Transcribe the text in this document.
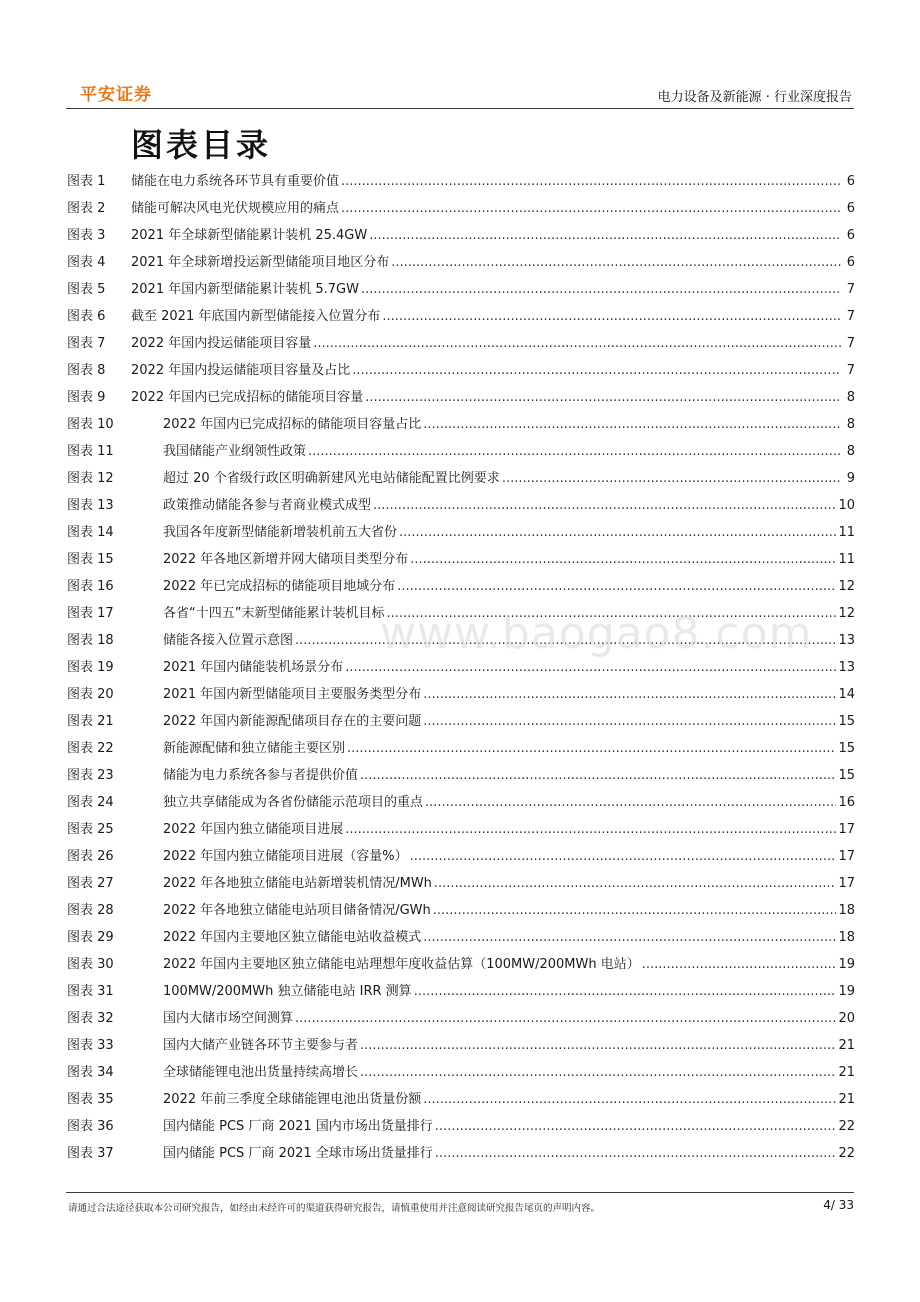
平安证券	电力设备及新能源 · 行业深度报告
图表目录
图表 1	储能在电力系统各环节具有重要价值 .....	6
图表 2	储能可解决风电光伏规模应用的痛点 .....	6
图表 3	2021 年全球新型储能累计装机 25.4GW .....	6
图表 4	2021 年全球新增投运新型储能项目地区分布 .....	6
图表 5	2021 年国内新型储能累计装机 5.7GW .....	7
图表 6	截至 2021 年底国内新型储能接入位置分布 .....	7
图表 7	2022 年国内投运储能项目容量 .....	7
图表 8	2022 年国内投运储能项目容量及占比 .....	7
图表 9	2022 年国内已完成招标的储能项目容量 .....	8
图表 10	2022 年国内已完成招标的储能项目容量占比 .....	8
图表 11	我国储能产业纲领性政策 .....	8
图表 12	超过 20 个省级行政区明确新建风光电站储能配置比例要求 .....	9
图表 13	政策推动储能各参与者商业模式成型 .....	10
图表 14	我国各年度新型储能新增装机前五大省份 .....	11
图表 15	2022 年各地区新增并网大储项目类型分布 .....	11
图表 16	2022 年已完成招标的储能项目地域分布 .....	12
图表 17	各省“十四五”末新型储能累计装机目标 .....	12
图表 18	储能各接入位置示意图 .....	13
图表 19	2021 年国内储能装机场景分布 .....	13
图表 20	2021 年国内新型储能项目主要服务类型分布 .....	14
图表 21	2022 年国内新能源配储项目存在的主要问题 .....	15
图表 22	新能源配储和独立储能主要区别 .....	15
图表 23	储能为电力系统各参与者提供价值 .....	15
图表 24	独立共享储能成为各省份储能示范项目的重点 .....	16
图表 25	2022 年国内独立储能项目进展 .....	17
图表 26	2022 年国内独立储能项目进展（容量%） .....	17
图表 27	2022 年各地独立储能电站新增装机情况/MWh .....	17
图表 28	2022 年各地独立储能电站项目储备情况/GWh .....	18
图表 29	2022 年国内主要地区独立储能电站收益模式 .....	18
图表 30	2022 年国内主要地区独立储能电站理想年度收益估算（100MW/200MWh 电站） .....	19
图表 31	100MW/200MWh 独立储能电站 IRR 测算 .....	19
图表 32	国内大储市场空间测算 .....	20
图表 33	国内大储产业链各环节主要参与者 .....	21
图表 34	全球储能锂电池出货量持续高增长 .....	21
图表 35	2022 年前三季度全球储能锂电池出货量份额 .....	21
图表 36	国内储能 PCS 厂商 2021 国内市场出货量排行 .....	22
图表 37	国内储能 PCS 厂商 2021 全球市场出货量排行 .....	22
www.baogao8.com
请通过合法途径获取本公司研究报告，如经由未经许可的渠道获得研究报告，请慎重使用并注意阅读研究报告尾页的声明内容。	4/ 33
